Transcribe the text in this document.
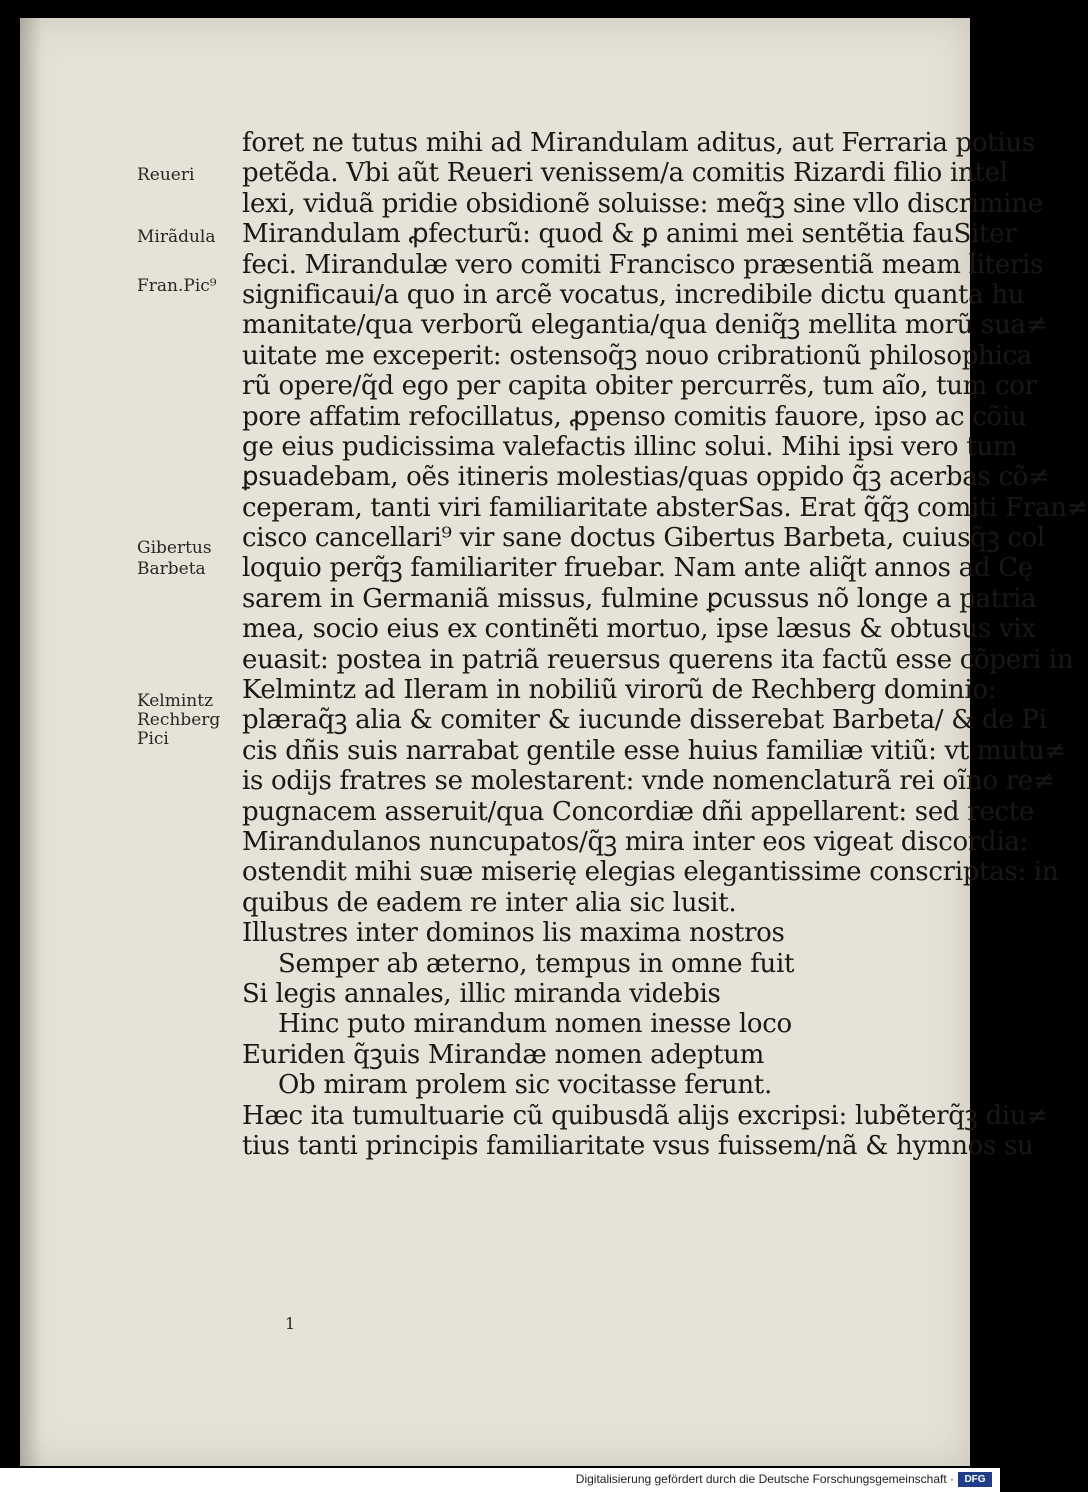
Reueri
Mirãdula
Fran.Pic⁹
Gibertus
Barbeta
Kelmintz
Rechberg
Pici
foret ne tutus mihi ad Mirandulam aditus, aut Ferraria potius
petẽda. Vbi aũt Reueri venissem/a comitis Rizardi filio intel
lexi, viduã pridie obsidionẽ soluisse: meq̃ꝫ sine vllo discrimine
Mirandulam ꝓfecturũ: quod & ꝑ animi mei sentẽtia fauSiter
feci. Mirandulæ vero comiti Francisco præsentiã meam literis
significaui/a quo in arcẽ vocatus, incredibile dictu quanta hu
manitate/qua verborũ elegantia/qua deniq̃ꝫ mellita morũ sua≠
uitate me exceperit: ostensoq̃ꝫ nouo cribrationũ philosophica
rũ opere/q̃d ego per capita obiter percurrẽs, tum aĩo, tum cor
pore affatim refocillatus, ꝓpenso comitis fauore, ipso ac cõiu
ge eius pudicissima valefactis illinc solui. Mihi ipsi vero tum
ꝑsuadebam, oẽs itineris molestias/quas oppido q̃ꝫ acerbas cõ≠
ceperam, tanti viri familiaritate absterSas. Erat q̃q̃ꝫ comiti Fran≠
cisco cancellari⁹ vir sane doctus Gibertus Barbeta, cuiusq̃ꝫ col
loquio perq̃ꝫ familiariter fruebar. Nam ante aliq̃t annos ad Cę
sarem in Germaniã missus, fulmine ꝑcussus nõ longe a patria
mea, socio eius ex continẽti mortuo, ipse læsus & obtusus vix
euasit: postea in patriã reuersus querens ita factũ esse cõperi in
Kelmintz ad Ileram in nobiliũ virorũ de Rechberg dominio:
plæraq̃ꝫ alia & comiter & iucunde disserebat Barbeta/ & de Pi
cis dñis suis narrabat gentile esse huius familiæ vitiũ: vt mutu≠
is odijs fratres se molestarent: vnde nomenclaturã rei oĩno re≠
pugnacem asseruit/qua Concordiæ dñi appellarent: sed recte
Mirandulanos nuncupatos/q̃ꝫ mira inter eos vigeat discordia:
ostendit mihi suæ miserię elegias elegantissime conscriptas: in
quibus de eadem re inter alia sic lusit.
Illustres inter dominos lis maxima nostros
Semper ab æterno, tempus in omne fuit
Si legis annales, illic miranda videbis
Hinc puto mirandum nomen inesse loco
Euriden q̃ꝫuis Mirandæ nomen adeptum
Ob miram prolem sic vocitasse ferunt.
Hæc ita tumultuarie cũ quibusdã alijs excripsi: lubẽterq̃ꝫ diu≠
tius tanti principis familiaritate vsus fuissem/nã & hymnos su
1
Digitalisierung gefördert durch die Deutsche Forschungsgemeinschaft ·	DFG
